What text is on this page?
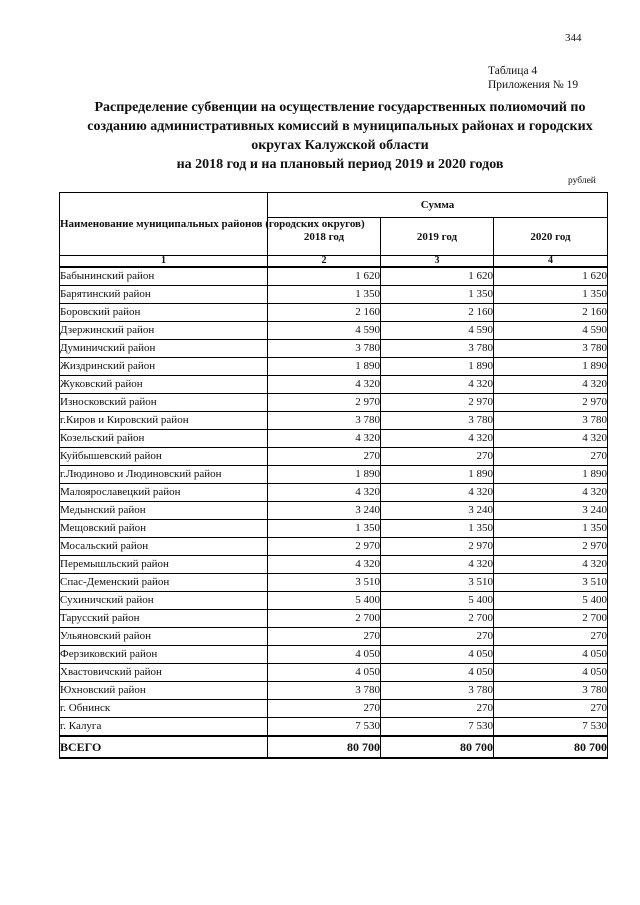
344
Таблица 4
Приложения № 19
Распределение субвенции на осуществление государственных полиомочий по
созданию административных комиссий в муниципальных районах и городских
округах Калужской области
на 2018 год и на плановый период 2019 и 2020 годов
рублей
Наименование муниципальных районов (городских округов)	Сумма		
	2018 год	2019 год	2020 год
1	2	3	4
Бабынинский район	1 620	1 620	1 620
Барятинский район	1 350	1 350	1 350
Боровский район	2 160	2 160	2 160
Дзержинский район	4 590	4 590	4 590
Думиничский район	3 780	3 780	3 780
Жиздринский район	1 890	1 890	1 890
Жуковский район	4 320	4 320	4 320
Износковский район	2 970	2 970	2 970
г.Киров и Кировский район	3 780	3 780	3 780
Козельский район	4 320	4 320	4 320
Куйбышевский район	270	270	270
г.Людиново и Людиновский район	1 890	1 890	1 890
Малоярославецкий район	4 320	4 320	4 320
Медынский район	3 240	3 240	3 240
Мещовский район	1 350	1 350	1 350
Мосальский район	2 970	2 970	2 970
Перемышльский район	4 320	4 320	4 320
Спас-Деменский район	3 510	3 510	3 510
Сухиничский район	5 400	5 400	5 400
Тарусский район	2 700	2 700	2 700
Ульяновский район	270	270	270
Ферзиковский район	4 050	4 050	4 050
Хвастовичский район	4 050	4 050	4 050
Юхновский район	3 780	3 780	3 780
г. Обнинск	270	270	270
г. Калуга	7 530	7 530	7 530
ВСЕГО	80 700	80 700	80 700
